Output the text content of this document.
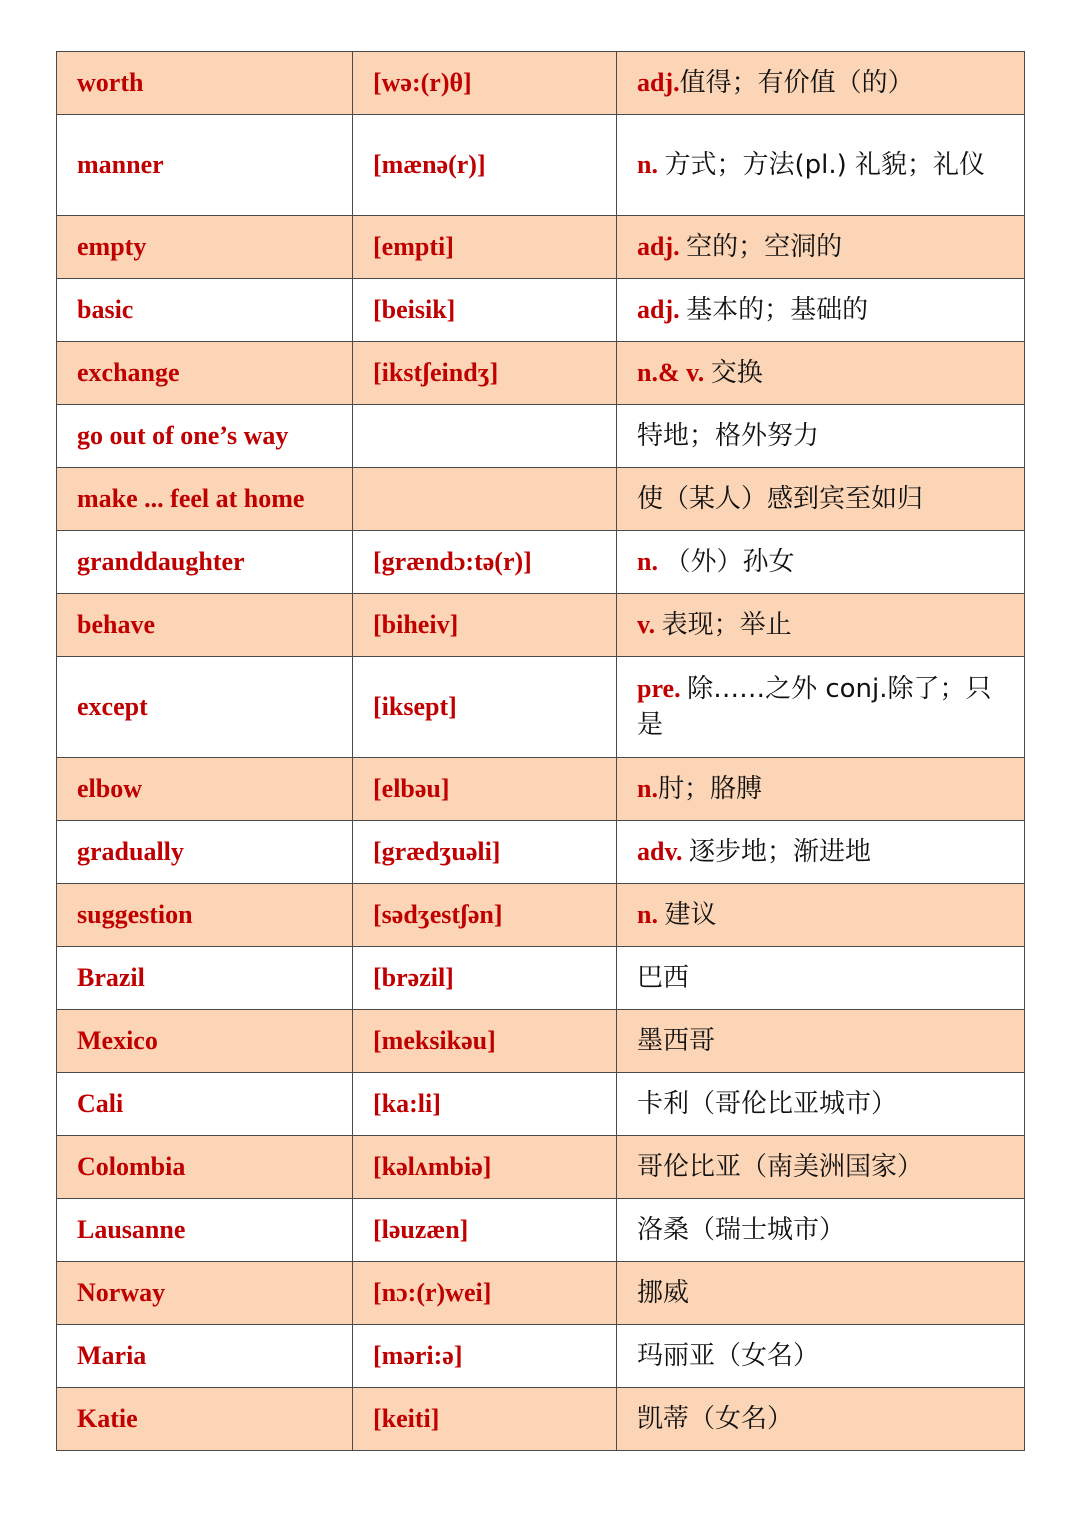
worth	[wə:(r)θ]	adj.值得；有价值（的）
manner	[mænə(r)]	n. 方式；方法(pl.) 礼貌；礼仪
empty	[empti]	adj. 空的；空洞的
basic	[beisik]	adj. 基本的；基础的
exchange	[ikstʃeindʒ]	n.& v. 交换
go out of one’s way		特地；格外努力
make ... feel at home		使（某人）感到宾至如归
granddaughter	[grændɔ:tə(r)]	n. （外）孙女
behave	[biheiv]	v. 表现；举止
except	[iksept]	pre. 除……之外 conj.除了；只是
elbow	[elbəu]	n.肘；胳膊
gradually	[grædʒuəli]	adv. 逐步地；渐进地
suggestion	[sədʒestʃən]	n. 建议
Brazil	[brəzil]	巴西
Mexico	[meksikəu]	墨西哥
Cali	[ka:li]	卡利（哥伦比亚城市）
Colombia	[kəlʌmbiə]	哥伦比亚（南美洲国家）
Lausanne	[ləuzæn]	洛桑（瑞士城市）
Norway	[nɔ:(r)wei]	挪威
Maria	[məri:ə]	玛丽亚（女名）
Katie	[keiti]	凯蒂（女名）
